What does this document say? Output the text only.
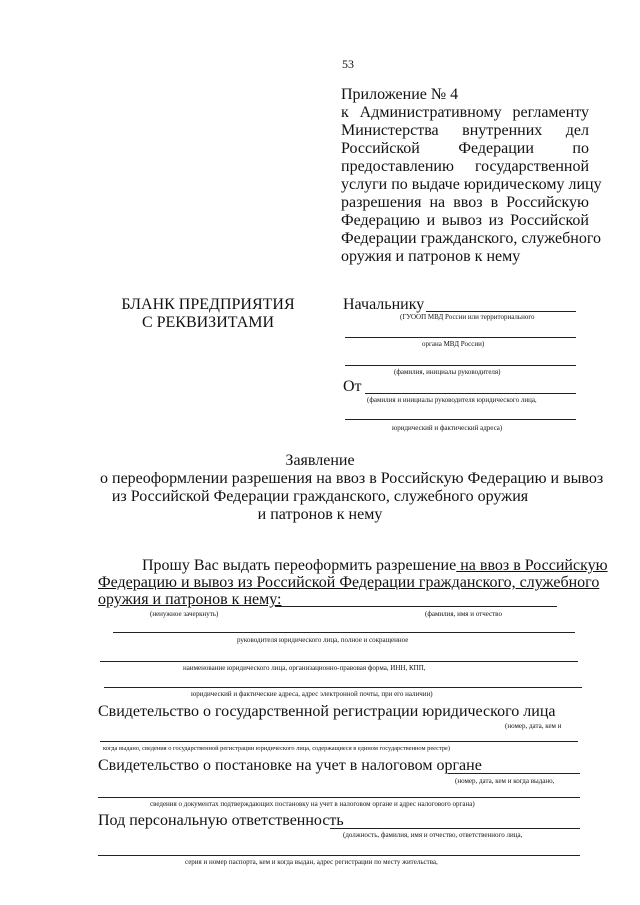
53
Приложение № 4
к Административному регламенту
Министерства внутренних дел
Российской Федерации по
предоставлению государственной
услуги по выдаче юридическому лицу
разрешения на ввоз в Российскую
Федерацию и вывоз из Российской
Федерации гражданского, служебного
оружия и патронов к нему
БЛАНК ПРЕДПРИЯТИЯ
С РЕКВИЗИТАМИ
Начальнику
(ГУООП МВД России или территориального
органа МВД России)
(фамилия, инициалы руководителя)
От
(фамилия и инициалы руководителя юридического лица,
юридический и фактический адреса)
Заявление
о переоформлении разрешения на ввоз в Российскую Федерацию и вывоз
из Российской Федерации гражданского, служебного оружия
и патронов к нему
Прошу Вас выдать переоформить разрешение на ввоз в Российскую
Федерацию и вывоз из Российской Федерации гражданского, служебного
оружия и патронов к нему:
(ненужное зачеркнуть)	(фамилия, имя и отчество
руководителя юридического лица, полное и сокращенное
наименование юридического лица, организационно-правовая форма, ИНН, КПП,
юридический и фактические адреса, адрес электронной почты, при его наличии)
Свидетельство о государственной регистрации юридического лица
(номер, дата, кем и
когда выдано, сведения о государственной регистрации юридического лица, содержащиеся в едином государственном реестре)
Свидетельство о постановке на учет в налоговом органе
(номер, дата, кем и когда выдано,
сведения о документах подтверждающих постановку на учет в налоговом органе и адрес налогового органа)
Под персональную ответственность
(должность, фамилия, имя и отчество, ответственного лица,
серия и номер паспорта, кем и когда выдан, адрес регистрации по месту жительства,
